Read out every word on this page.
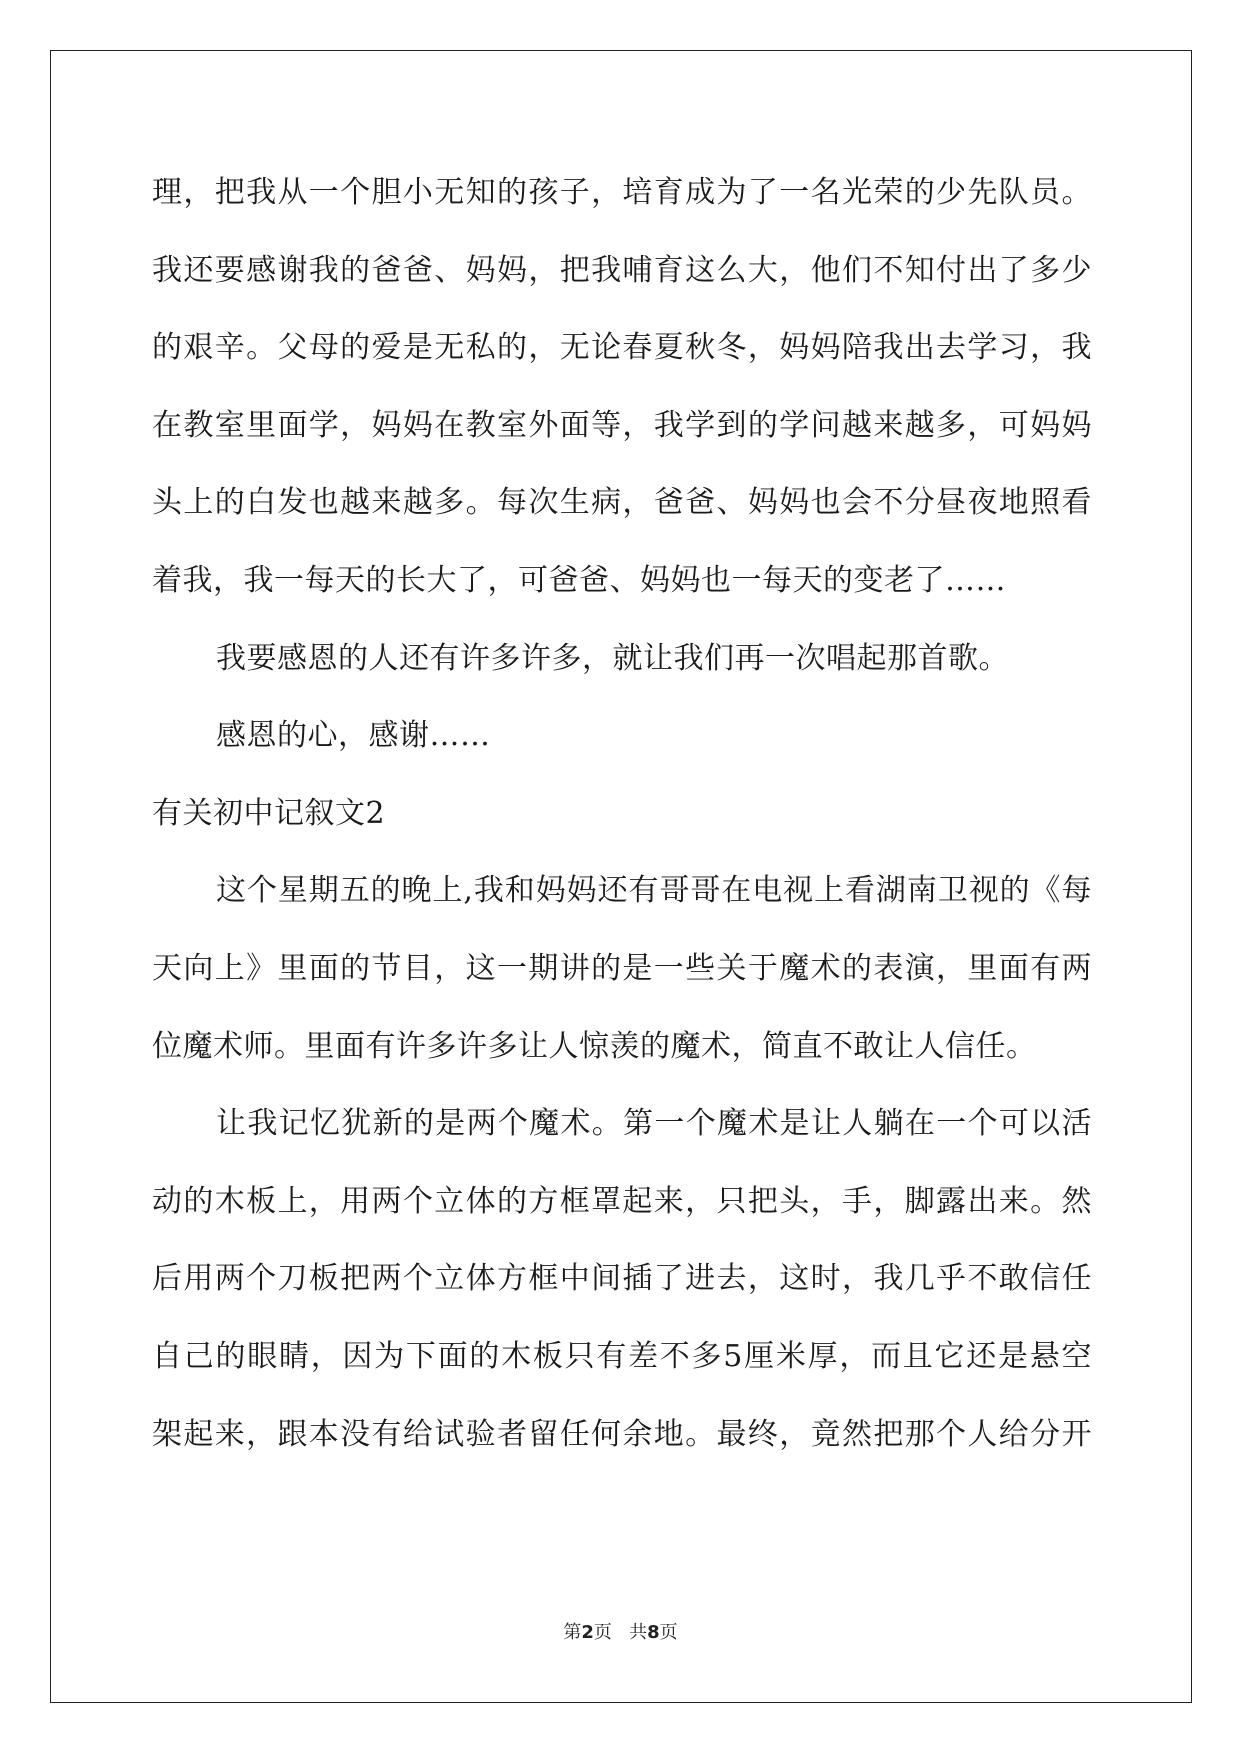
理，把我从一个胆小无知的孩子，培育成为了一名光荣的少先队员。
我还要感谢我的爸爸、妈妈，把我哺育这么大，他们不知付出了多少
的艰辛。父母的爱是无私的，无论春夏秋冬，妈妈陪我出去学习，我
在教室里面学，妈妈在教室外面等，我学到的学问越来越多，可妈妈
头上的白发也越来越多。每次生病，爸爸、妈妈也会不分昼夜地照看
着我，我一每天的长大了，可爸爸、妈妈也一每天的变老了……
我要感恩的人还有许多许多，就让我们再一次唱起那首歌。
感恩的心，感谢……
有关初中记叙文2
这个星期五的晚上,我和妈妈还有哥哥在电视上看湖南卫视的《每
天向上》里面的节目，这一期讲的是一些关于魔术的表演，里面有两
位魔术师。里面有许多许多让人惊羡的魔术，简直不敢让人信任。
让我记忆犹新的是两个魔术。第一个魔术是让人躺在一个可以活
动的木板上，用两个立体的方框罩起来，只把头，手，脚露出来。然
后用两个刀板把两个立体方框中间插了进去，这时，我几乎不敢信任
自己的眼睛，因为下面的木板只有差不多5厘米厚，而且它还是悬空
架起来，跟本没有给试验者留任何余地。最终，竟然把那个人给分开
第2页 共8页
